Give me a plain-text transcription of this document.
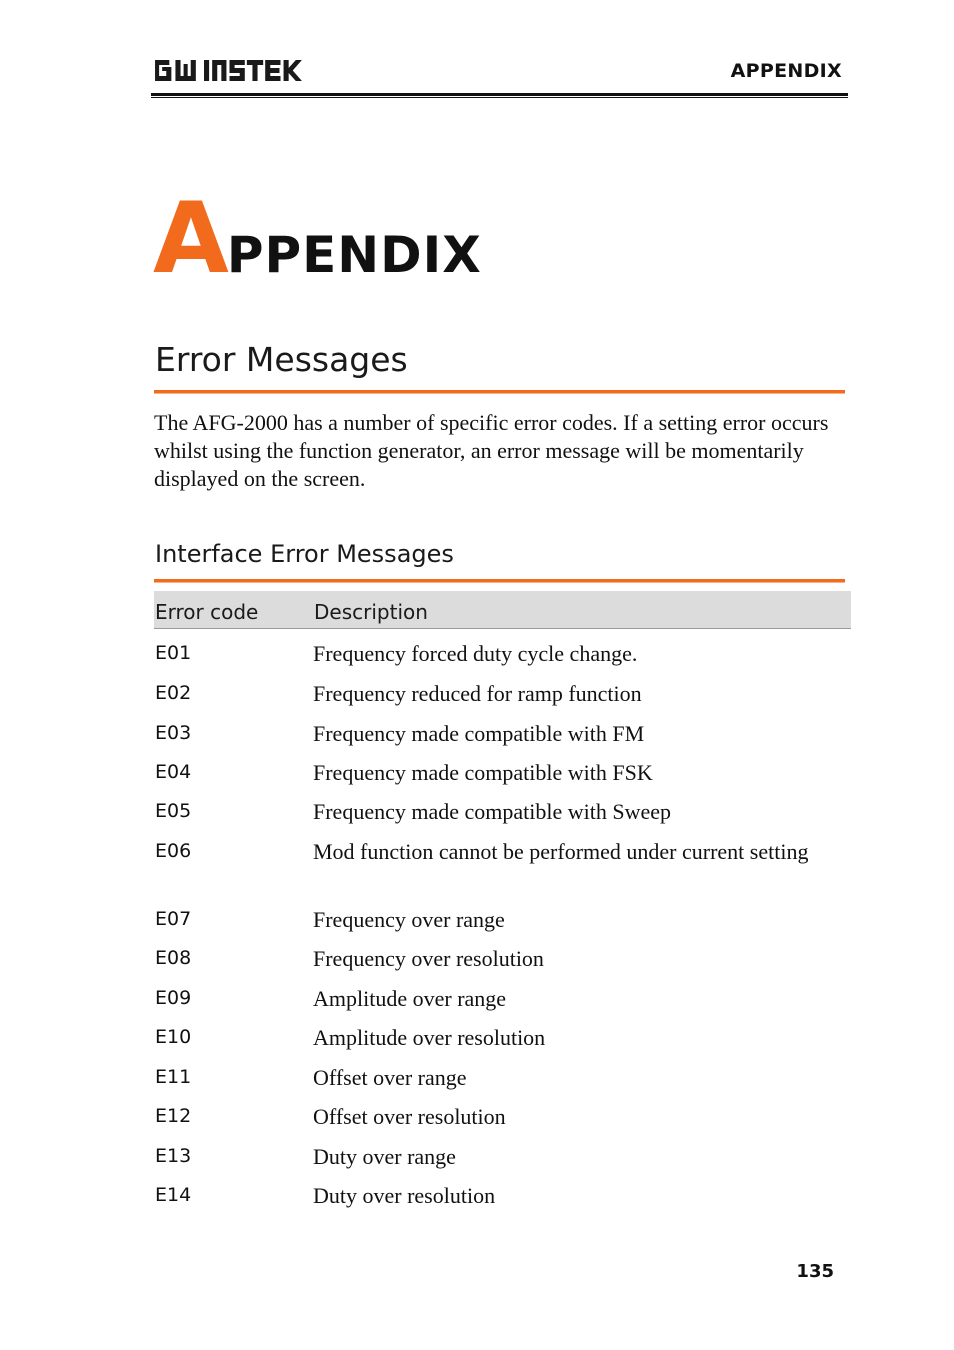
APPENDIX
APPENDIX
Error Messages
The AFG-2000 has a number of specific error codes. If a setting error occurs whilst using the function generator, an error message will be momentarily displayed on the screen.
Interface Error Messages
Error code	Description
E01	Frequency forced duty cycle change.
E02	Frequency reduced for ramp function
E03	Frequency made compatible with FM
E04	Frequency made compatible with FSK
E05	Frequency made compatible with Sweep
E06	Mod function cannot be performed under current setting
E07	Frequency over range
E08	Frequency over resolution
E09	Amplitude over range
E10	Amplitude over resolution
E11	Offset over range
E12	Offset over resolution
E13	Duty over range
E14	Duty over resolution
135
